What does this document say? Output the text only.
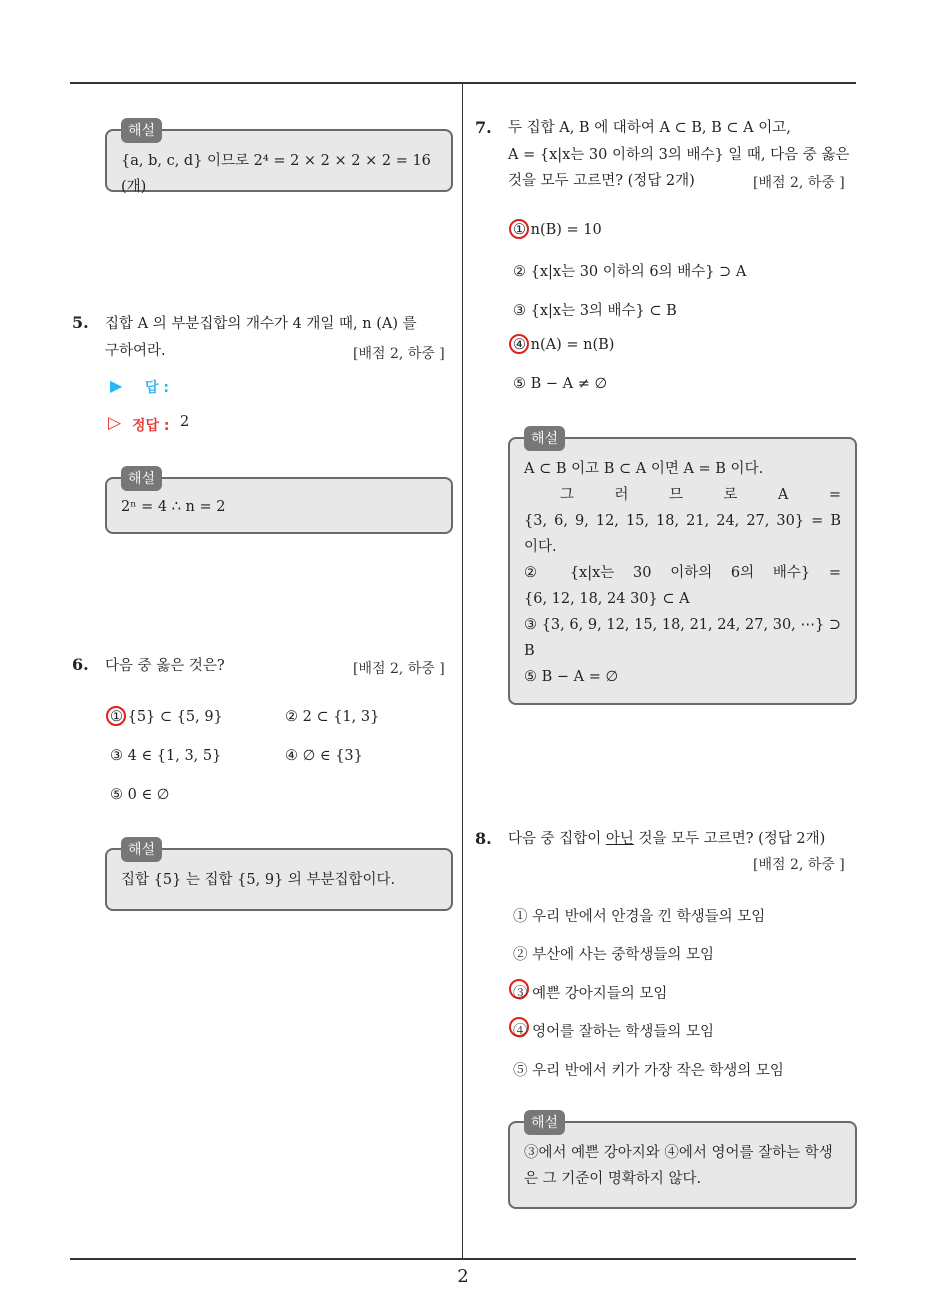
해설
{a, b, c, d} 이므로 2⁴ = 2 × 2 × 2 × 2 = 16 (개)
5. 집합 A 의 부분집합의 개수가 4 개일 때, n (A) 를
구하여라.	[배점 2, 하중 ]
▶ 답 :
▷ 정답 : 2
해설
2ⁿ = 4 ∴ n = 2
6. 다음 중 옳은 것은?	[배점 2, 하중 ]
① {5} ⊂ {5, 9}	② 2 ⊂ {1, 3}
③ 4 ∈ {1, 3, 5}	④ ∅ ∈ {3}
⑤ 0 ∈ ∅
해설
집합 {5} 는 집합 {5, 9} 의 부분집합이다.
7. 두 집합 A, B 에 대하여 A ⊂ B, B ⊂ A 이고,
A = {x|x는 30 이하의 3의 배수} 일 때, 다음 중 옳은
것을 모두 고르면? (정답 2개)	[배점 2, 하중 ]
① n(B) = 10
② {x|x는 30 이하의 6의 배수} ⊃ A
③ {x|x는 3의 배수} ⊂ B
④ n(A) = n(B)
⑤ B − A ≠ ∅
해설
A ⊂ B 이고 B ⊂ A 이면 A = B 이다.
그 러 므 로 A =
{3, 6, 9, 12, 15, 18, 21, 24, 27, 30} = B
이다.
② {x|x는 30 이하의 6의 배수} =
{6, 12, 18, 24 30} ⊂ A
③ {3, 6, 9, 12, 15, 18, 21, 24, 27, 30, ⋯} ⊃
B
⑤ B − A = ∅
8. 다음 중 집합이 아닌 것을 모두 고르면? (정답 2개)
[배점 2, 하중 ]
① 우리 반에서 안경을 낀 학생들의 모임
② 부산에 사는 중학생들의 모임
③ 예쁜 강아지들의 모임
④ 영어를 잘하는 학생들의 모임
⑤ 우리 반에서 키가 가장 작은 학생의 모임
해설
③에서 예쁜 강아지와 ④에서 영어를 잘하는 학생
은 그 기준이 명확하지 않다.
2
